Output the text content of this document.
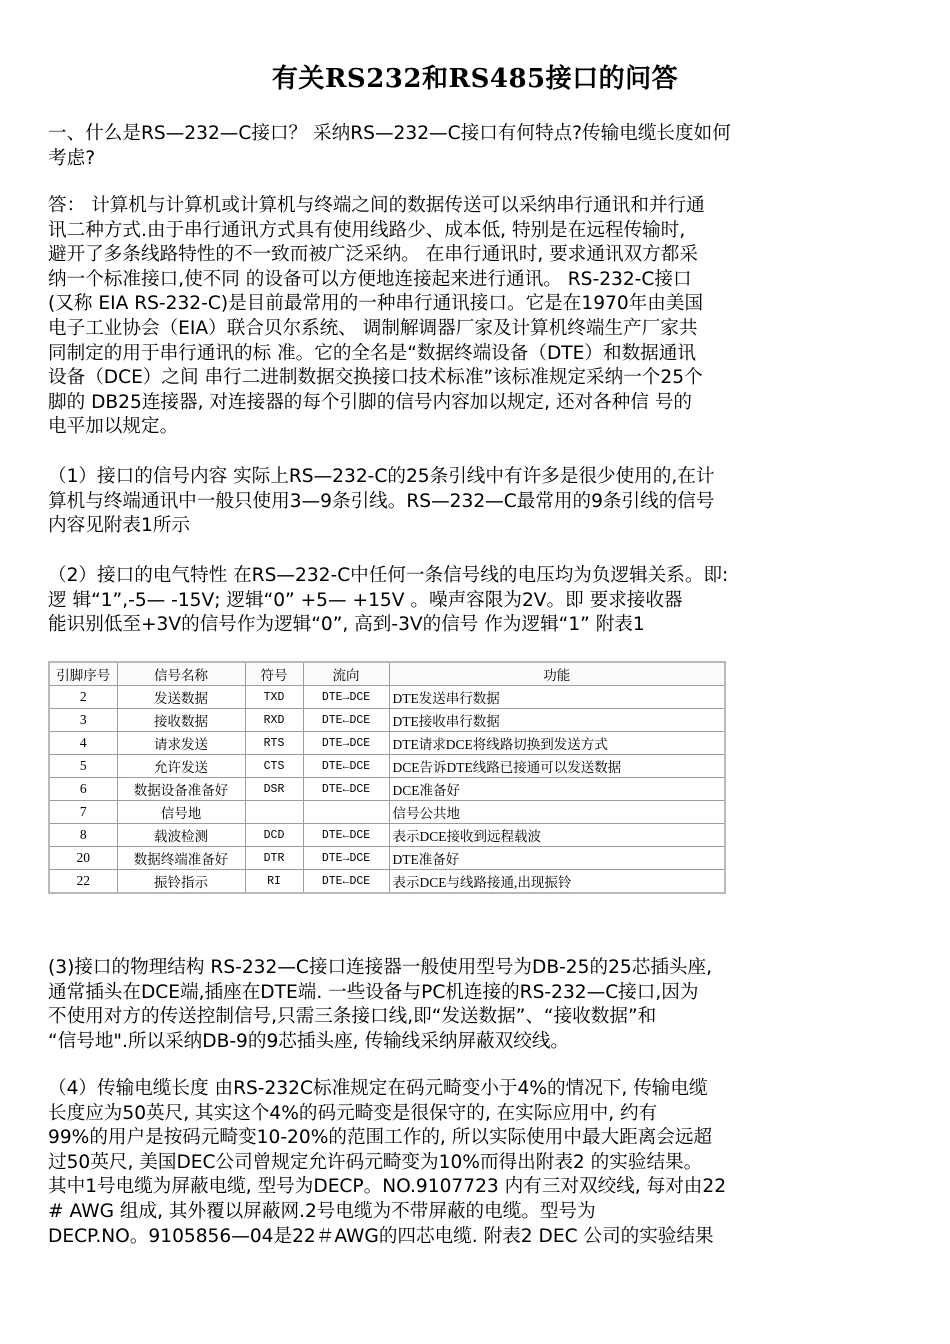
有关RS232和RS485接口的问答
一、什么是RS—232—C接口？ 采纳RS—232—C接口有何特点?传输电缆长度如何
考虑?
答： 计算机与计算机或计算机与终端之间的数据传送可以采纳串行通讯和并行通
讯二种方式.由于串行通讯方式具有使用线路少、成本低, 特别是在远程传输时,
避开了多条线路特性的不一致而被广泛采纳。 在串行通讯时, 要求通讯双方都采
纳一个标准接口,使不同 的设备可以方便地连接起来进行通讯。 RS-232-C接口
(又称 EIA RS-232-C)是目前最常用的一种串行通讯接口。它是在1970年由美国
电子工业协会（EIA）联合贝尔系统、 调制解调器厂家及计算机终端生产厂家共
同制定的用于串行通讯的标 准。它的全名是“数据终端设备（DTE）和数据通讯
设备（DCE）之间 串行二进制数据交换接口技术标准”该标准规定采纳一个25个
脚的 DB25连接器, 对连接器的每个引脚的信号内容加以规定, 还对各种信 号的
电平加以规定。
（1）接口的信号内容 实际上RS—232-C的25条引线中有许多是很少使用的,在计
算机与终端通讯中一般只使用3—9条引线。RS—232—C最常用的9条引线的信号
内容见附表1所示
（2）接口的电气特性 在RS—232-C中任何一条信号线的电压均为负逻辑关系。即:
逻 辑“1”,-5— -15V; 逻辑“0” +5— +15V 。噪声容限为2V。即 要求接收器
能识别低至+3V的信号作为逻辑“0”, 高到-3V的信号 作为逻辑“1” 附表1
引脚序号	信号名称	符号	流向	功能
2	发送数据	TXD	DTE→DCE	DTE发送串行数据
3	接收数据	RXD	DTE←DCE	DTE接收串行数据
4	请求发送	RTS	DTE→DCE	DTE请求DCE将线路切换到发送方式
5	允许发送	CTS	DTE←DCE	DCE告诉DTE线路已接通可以发送数据
6	数据设备准备好	DSR	DTE←DCE	DCE准备好
7	信号地			信号公共地
8	载波检测	DCD	DTE←DCE	表示DCE接收到远程载波
20	数据终端准备好	DTR	DTE→DCE	DTE准备好
22	振铃指示	RI	DTE←DCE	表示DCE与线路接通,出现振铃
(3)接口的物理结构 RS-232—C接口连接器一般使用型号为DB-25的25芯插头座,
通常插头在DCE端,插座在DTE端. 一些设备与PC机连接的RS-232—C接口,因为
不使用对方的传送控制信号,只需三条接口线,即“发送数据”、“接收数据”和
“信号地".所以采纳DB-9的9芯插头座, 传输线采纳屏蔽双绞线。
（4）传输电缆长度 由RS-232C标准规定在码元畸变小于4%的情况下, 传输电缆
长度应为50英尺, 其实这个4%的码元畸变是很保守的, 在实际应用中, 约有
99%的用户是按码元畸变10-20%的范围工作的, 所以实际使用中最大距离会远超
过50英尺, 美国DEC公司曾规定允许码元畸变为10%而得出附表2 的实验结果。
其中1号电缆为屏蔽电缆, 型号为DECP。NO.9107723 内有三对双绞线, 每对由22
# AWG 组成, 其外覆以屏蔽网.2号电缆为不带屏蔽的电缆。型号为
DECP.NO。9105856—04是22＃AWG的四芯电缆. 附表2 DEC 公司的实验结果
